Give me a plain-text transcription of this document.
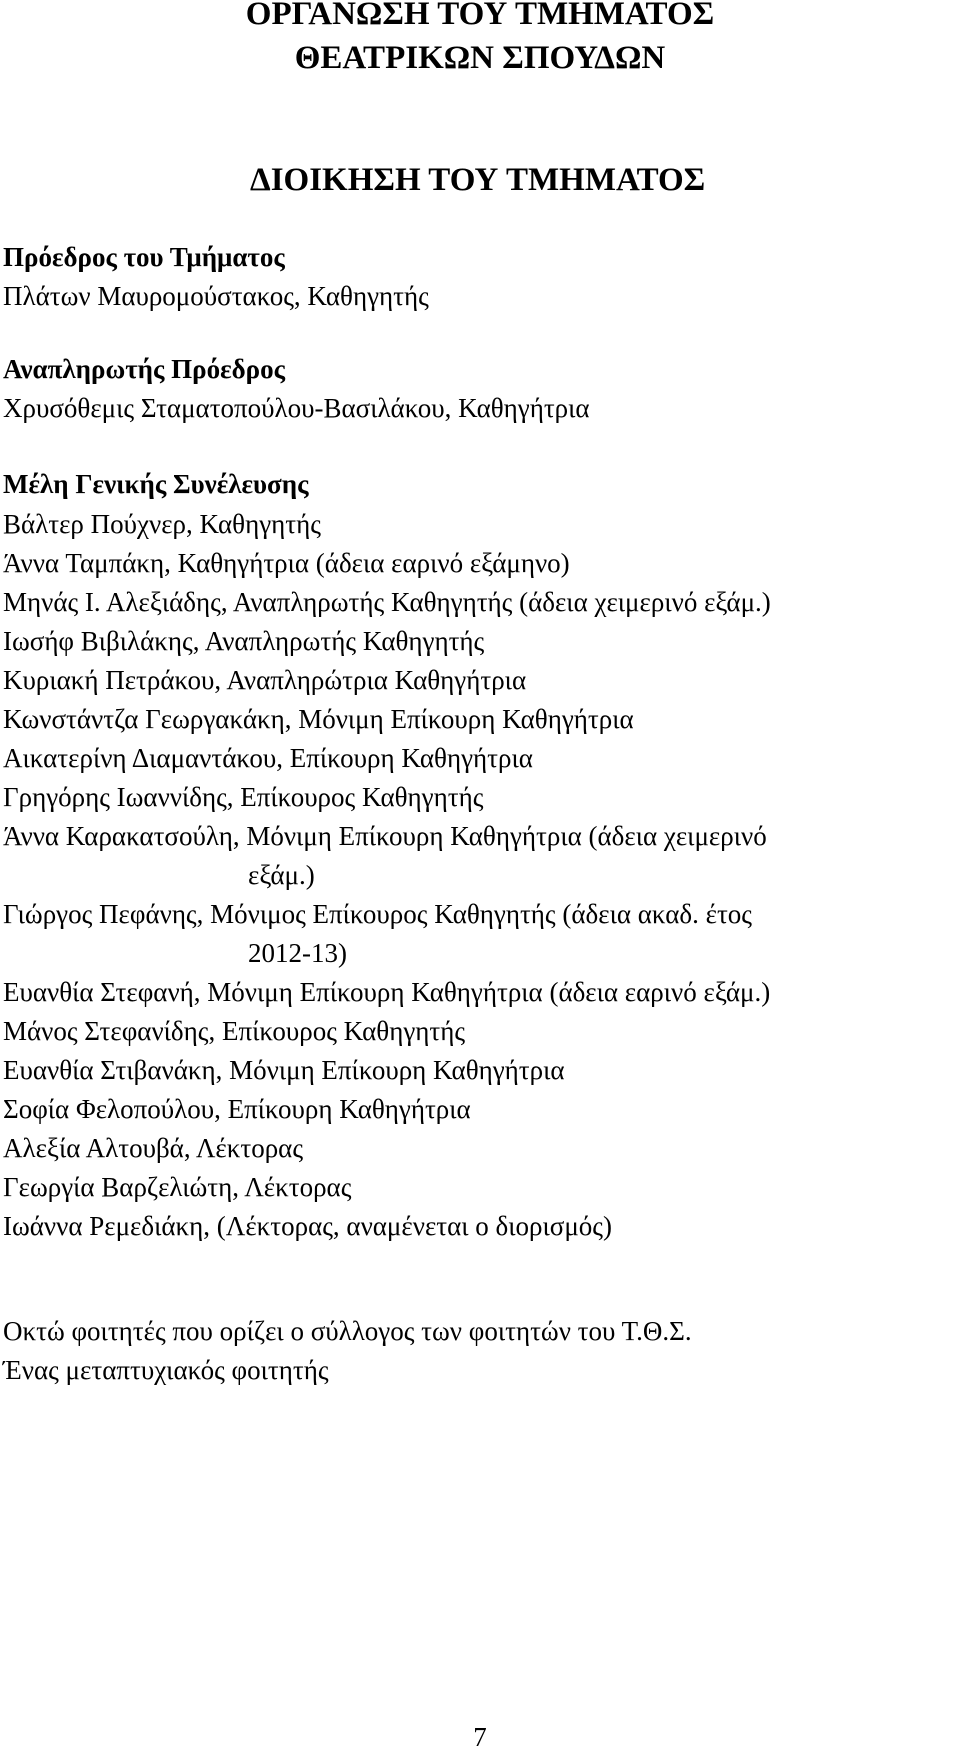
ΟΡΓΑΝΩΣΗ ΤΟΥ ΤΜΗΜΑΤΟΣ
ΘΕΑΤΡΙΚΩΝ ΣΠΟΥΔΩΝ
ΔΙΟΙΚΗΣΗ ΤΟΥ ΤΜΗΜΑΤΟΣ

Πρόεδρος του Τμήματος

Πλάτων Μαυρομούστακος, Καθηγητής

Αναπληρωτής Πρόεδρος

Χρυσόθεμις Σταματοπούλου-Βασιλάκου, Καθηγήτρια

Μέλη Γενικής Συνέλευσης

Βάλτερ Πούχνερ, Καθηγητής

Άννα Ταμπάκη, Καθηγήτρια (άδεια εαρινό εξάμηνο)

Μηνάς Ι. Αλεξιάδης, Αναπληρωτής Καθηγητής (άδεια χειμερινό εξάμ.)

Ιωσήφ Βιβιλάκης, Αναπληρωτής Καθηγητής

Κυριακή Πετράκου, Αναπληρώτρια Καθηγήτρια

Κωνστάντζα Γεωργακάκη, Μόνιμη Επίκουρη Καθηγήτρια

Αικατερίνη Διαμαντάκου, Επίκουρη Καθηγήτρια

Γρηγόρης Ιωαννίδης, Επίκουρος Καθηγητής

Άννα Καρακατσούλη, Μόνιμη Επίκουρη Καθηγήτρια (άδεια χειμερινό

εξάμ.)

Γιώργος Πεφάνης, Μόνιμος Επίκουρος Καθηγητής (άδεια ακαδ. έτος

2012-13)

Ευανθία Στεφανή, Μόνιμη Επίκουρη Καθηγήτρια (άδεια εαρινό εξάμ.)

Μάνος Στεφανίδης, Επίκουρος Καθηγητής

Ευανθία Στιβανάκη, Μόνιμη Επίκουρη Καθηγήτρια

Σοφία Φελοπούλου, Επίκουρη Καθηγήτρια

Αλεξία Αλτουβά, Λέκτορας

Γεωργία Βαρζελιώτη, Λέκτορας

Ιωάννα Ρεμεδιάκη, (Λέκτορας, αναμένεται ο διορισμός)

Οκτώ φοιτητές που ορίζει ο σύλλογος των φοιτητών του Τ.Θ.Σ.

Ένας μεταπτυχιακός φοιτητής

7
